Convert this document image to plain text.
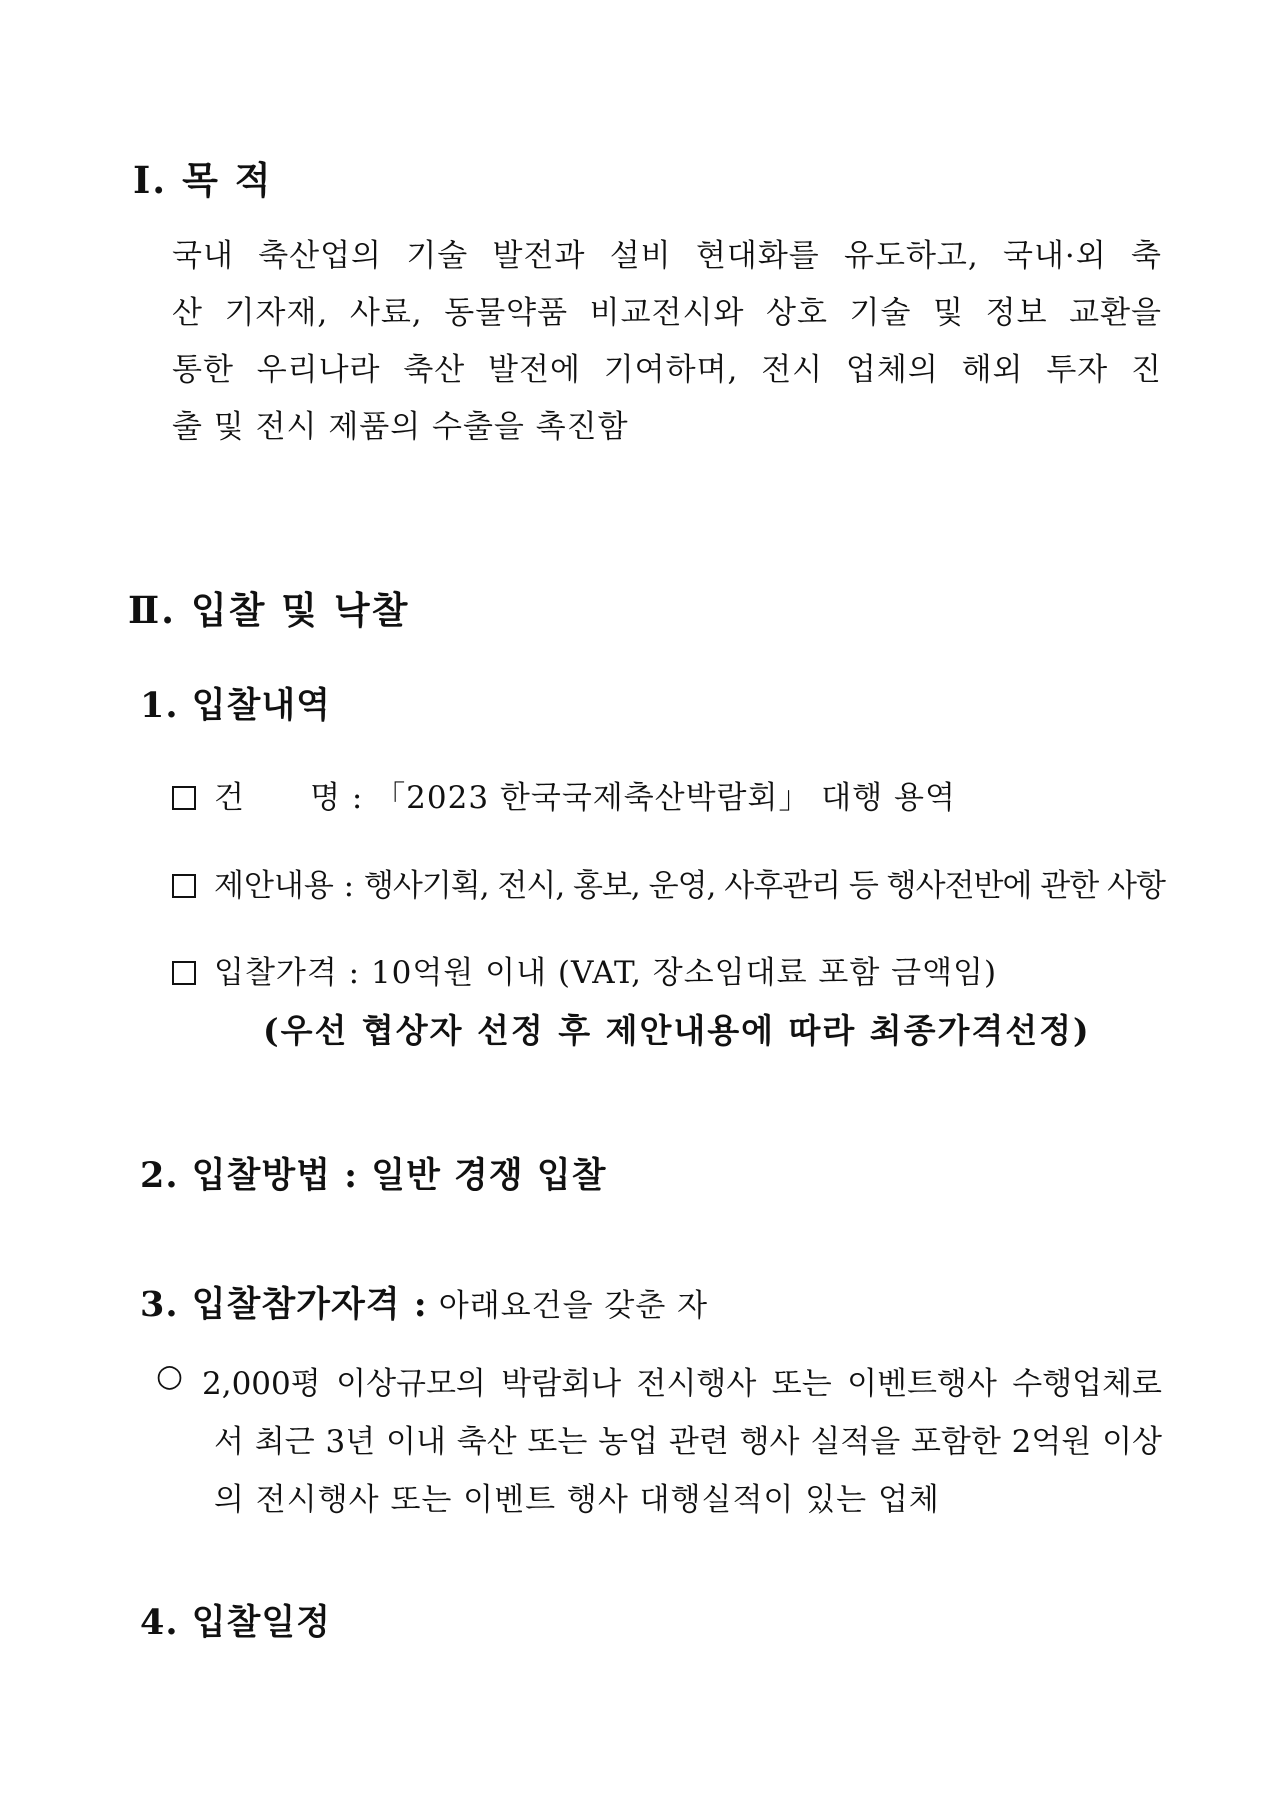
Ⅰ. 목 적
국내 축산업의 기술 발전과 설비 현대화를 유도하고, 국내·외 축
산 기자재, 사료, 동물약품 비교전시와 상호 기술 및 정보 교환을
통한 우리나라 축산 발전에 기여하며, 전시 업체의 해외 투자 진
출 및 전시 제품의 수출을 촉진함
Ⅱ. 입찰 및 낙찰
1. 입찰내역
건      명 : 「2023 한국국제축산박람회」 대행 용역
제안내용 : 행사기획, 전시, 홍보, 운영, 사후관리 등 행사전반에 관한 사항
입찰가격 : 10억원 이내 (VAT, 장소임대료 포함 금액임)
(우선 협상자 선정 후 제안내용에 따라 최종가격선정)
2. 입찰방법 : 일반 경쟁 입찰
3. 입찰참가자격 : 아래요건을 갖춘 자
○ 2,000평 이상규모의 박람회나 전시행사 또는 이벤트행사 수행업체로
서 최근 3년 이내 축산 또는 농업 관련 행사 실적을 포함한 2억원 이상
의 전시행사 또는 이벤트 행사 대행실적이 있는 업체
4. 입찰일정
